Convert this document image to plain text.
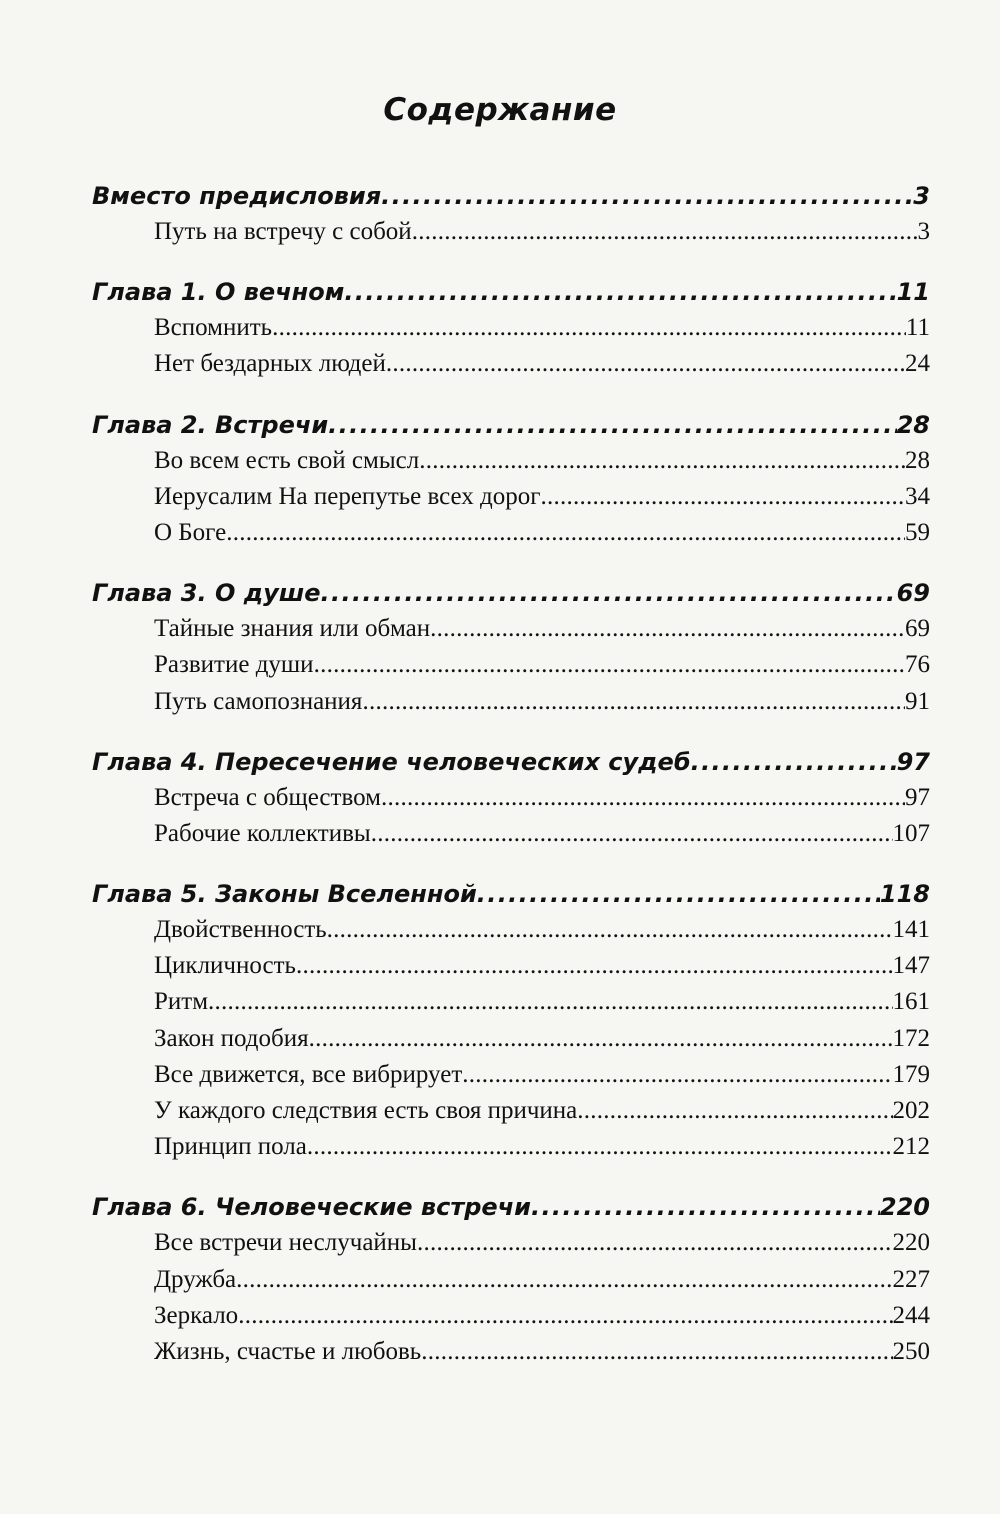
Содержание
Вместо предисловия . . .	3
Путь на встречу с собой . . .	3
Глава 1. О вечном . . .	11
Вспомнить . . .	11
Нет бездарных людей . . .	24
Глава 2. Встречи . . .	28
Во всем есть свой смысл . . .	28
Иерусалим На перепутье всех дорог . . .	34
О Боге . . .	59
Глава 3. О душе . . .	69
Тайные знания или обман . . .	69
Развитие души . . .	76
Путь самопознания . . .	91
Глава 4. Пересечение человеческих судеб . . .	97
Встреча с обществом . . .	97
Рабочие коллективы . . .	107
Глава 5. Законы Вселенной . . .	118
Двойственность . . .	141
Цикличность . . .	147
Ритм . . .	161
Закон подобия . . .	172
Все движется, все вибрирует . . .	179
У каждого следствия есть своя причина . . .	202
Принцип пола . . .	212
Глава 6. Человеческие встречи . . .	220
Все встречи неслучайны . . .	220
Дружба . . .	227
Зеркало . . .	244
Жизнь, счастье и любовь . . .	250
